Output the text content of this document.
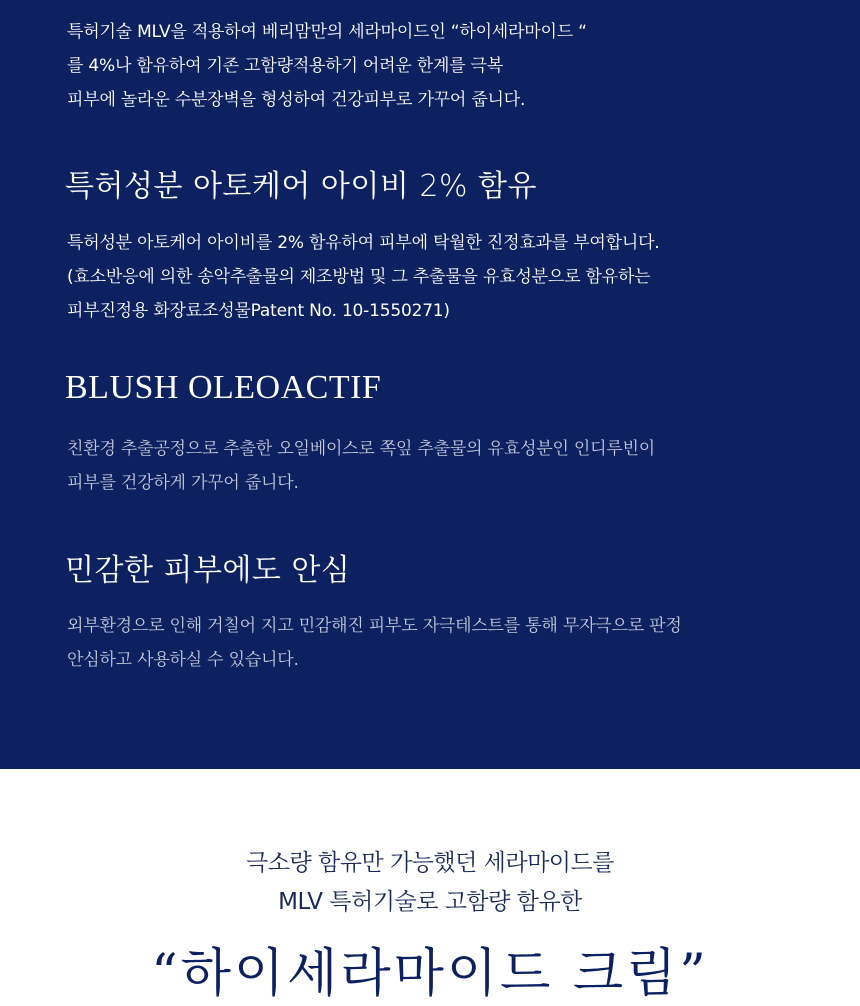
특허기술 MLV을 적용하여 베리맘만의 세라마이드인 “하이세라마이드 “
를 4%나 함유하여 기존 고함량적용하기 어려운 한계를 극복
피부에 놀라운 수분장벽을 형성하여 건강피부로 가꾸어 줍니다.
특허성분 아토케어 아이비 2% 함유
특허성분 아토케어 아이비를 2% 함유하여 피부에 탁월한 진정효과를 부여합니다.
(효소반응에 의한 송악추출물의 제조방법 및 그 추출물을 유효성분으로 함유하는
피부진정용 화장료조성물Patent No. 10-1550271)
BLUSH OLEOACTIF
친환경 추출공정으로 추출한 오일베이스로 쪽잎 추출물의 유효성분인 인디루빈이
피부를 건강하게 가꾸어 줍니다.
민감한 피부에도 안심
외부환경으로 인해 거칠어 지고 민감해진 피부도 자극테스트를 통해 무자극으로 판정
안심하고 사용하실 수 있습니다.
극소량 함유만 가능했던 세라마이드를
MLV 특허기술로 고함량 함유한
“하이세라마이드 크림”
